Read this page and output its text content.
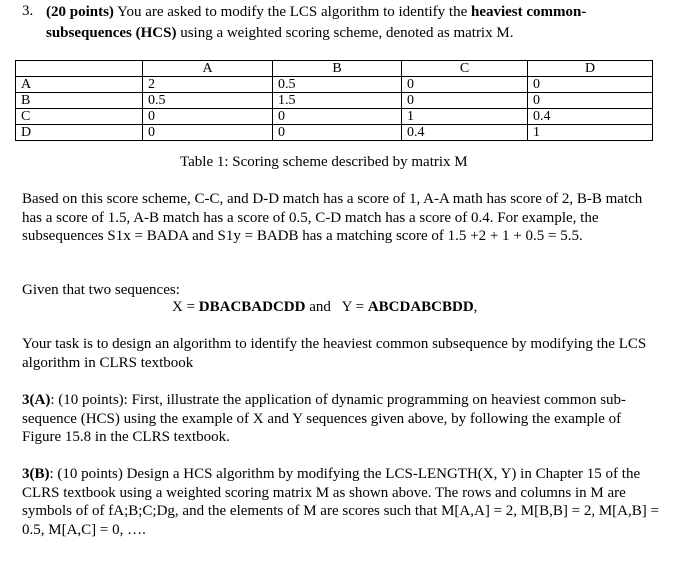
3. (20 points) You are asked to modify the LCS algorithm to identify the heaviest common-subsequences (HCS) using a weighted scoring scheme, denoted as matrix M.
	A	B	C	D
A	2	0.5	0	0
B	0.5	1.5	0	0
C	0	0	1	0.4
D	0	0	0.4	1
Table 1: Scoring scheme described by matrix M
Based on this score scheme, C-C, and D-D match has a score of 1, A-A math has score of 2, B-B match has a score of 1.5, A-B match has a score of 0.5, C-D match has a score of 0.4. For example, the subsequences S1x = BADA and S1y = BADB has a matching score of 1.5 +2 + 1 + 0.5 = 5.5.
Given that two sequences:
X = DBACBADCDD and   Y = ABCDABCBDD,
Your task is to design an algorithm to identify the heaviest common subsequence by modifying the LCS algorithm in CLRS textbook
3(A): (10 points): First, illustrate the application of dynamic programming on heaviest common sub-sequence (HCS) using the example of X and Y sequences given above, by following the example of Figure 15.8 in the CLRS textbook.
3(B): (10 points) Design a HCS algorithm by modifying the LCS-LENGTH(X, Y) in Chapter 15 of the CLRS textbook using a weighted scoring matrix M as shown above. The rows and columns in M are symbols of of fA;B;C;Dg, and the elements of M are scores such that M[A,A] = 2, M[B,B] = 2, M[A,B] = 0.5, M[A,C] = 0, ….
